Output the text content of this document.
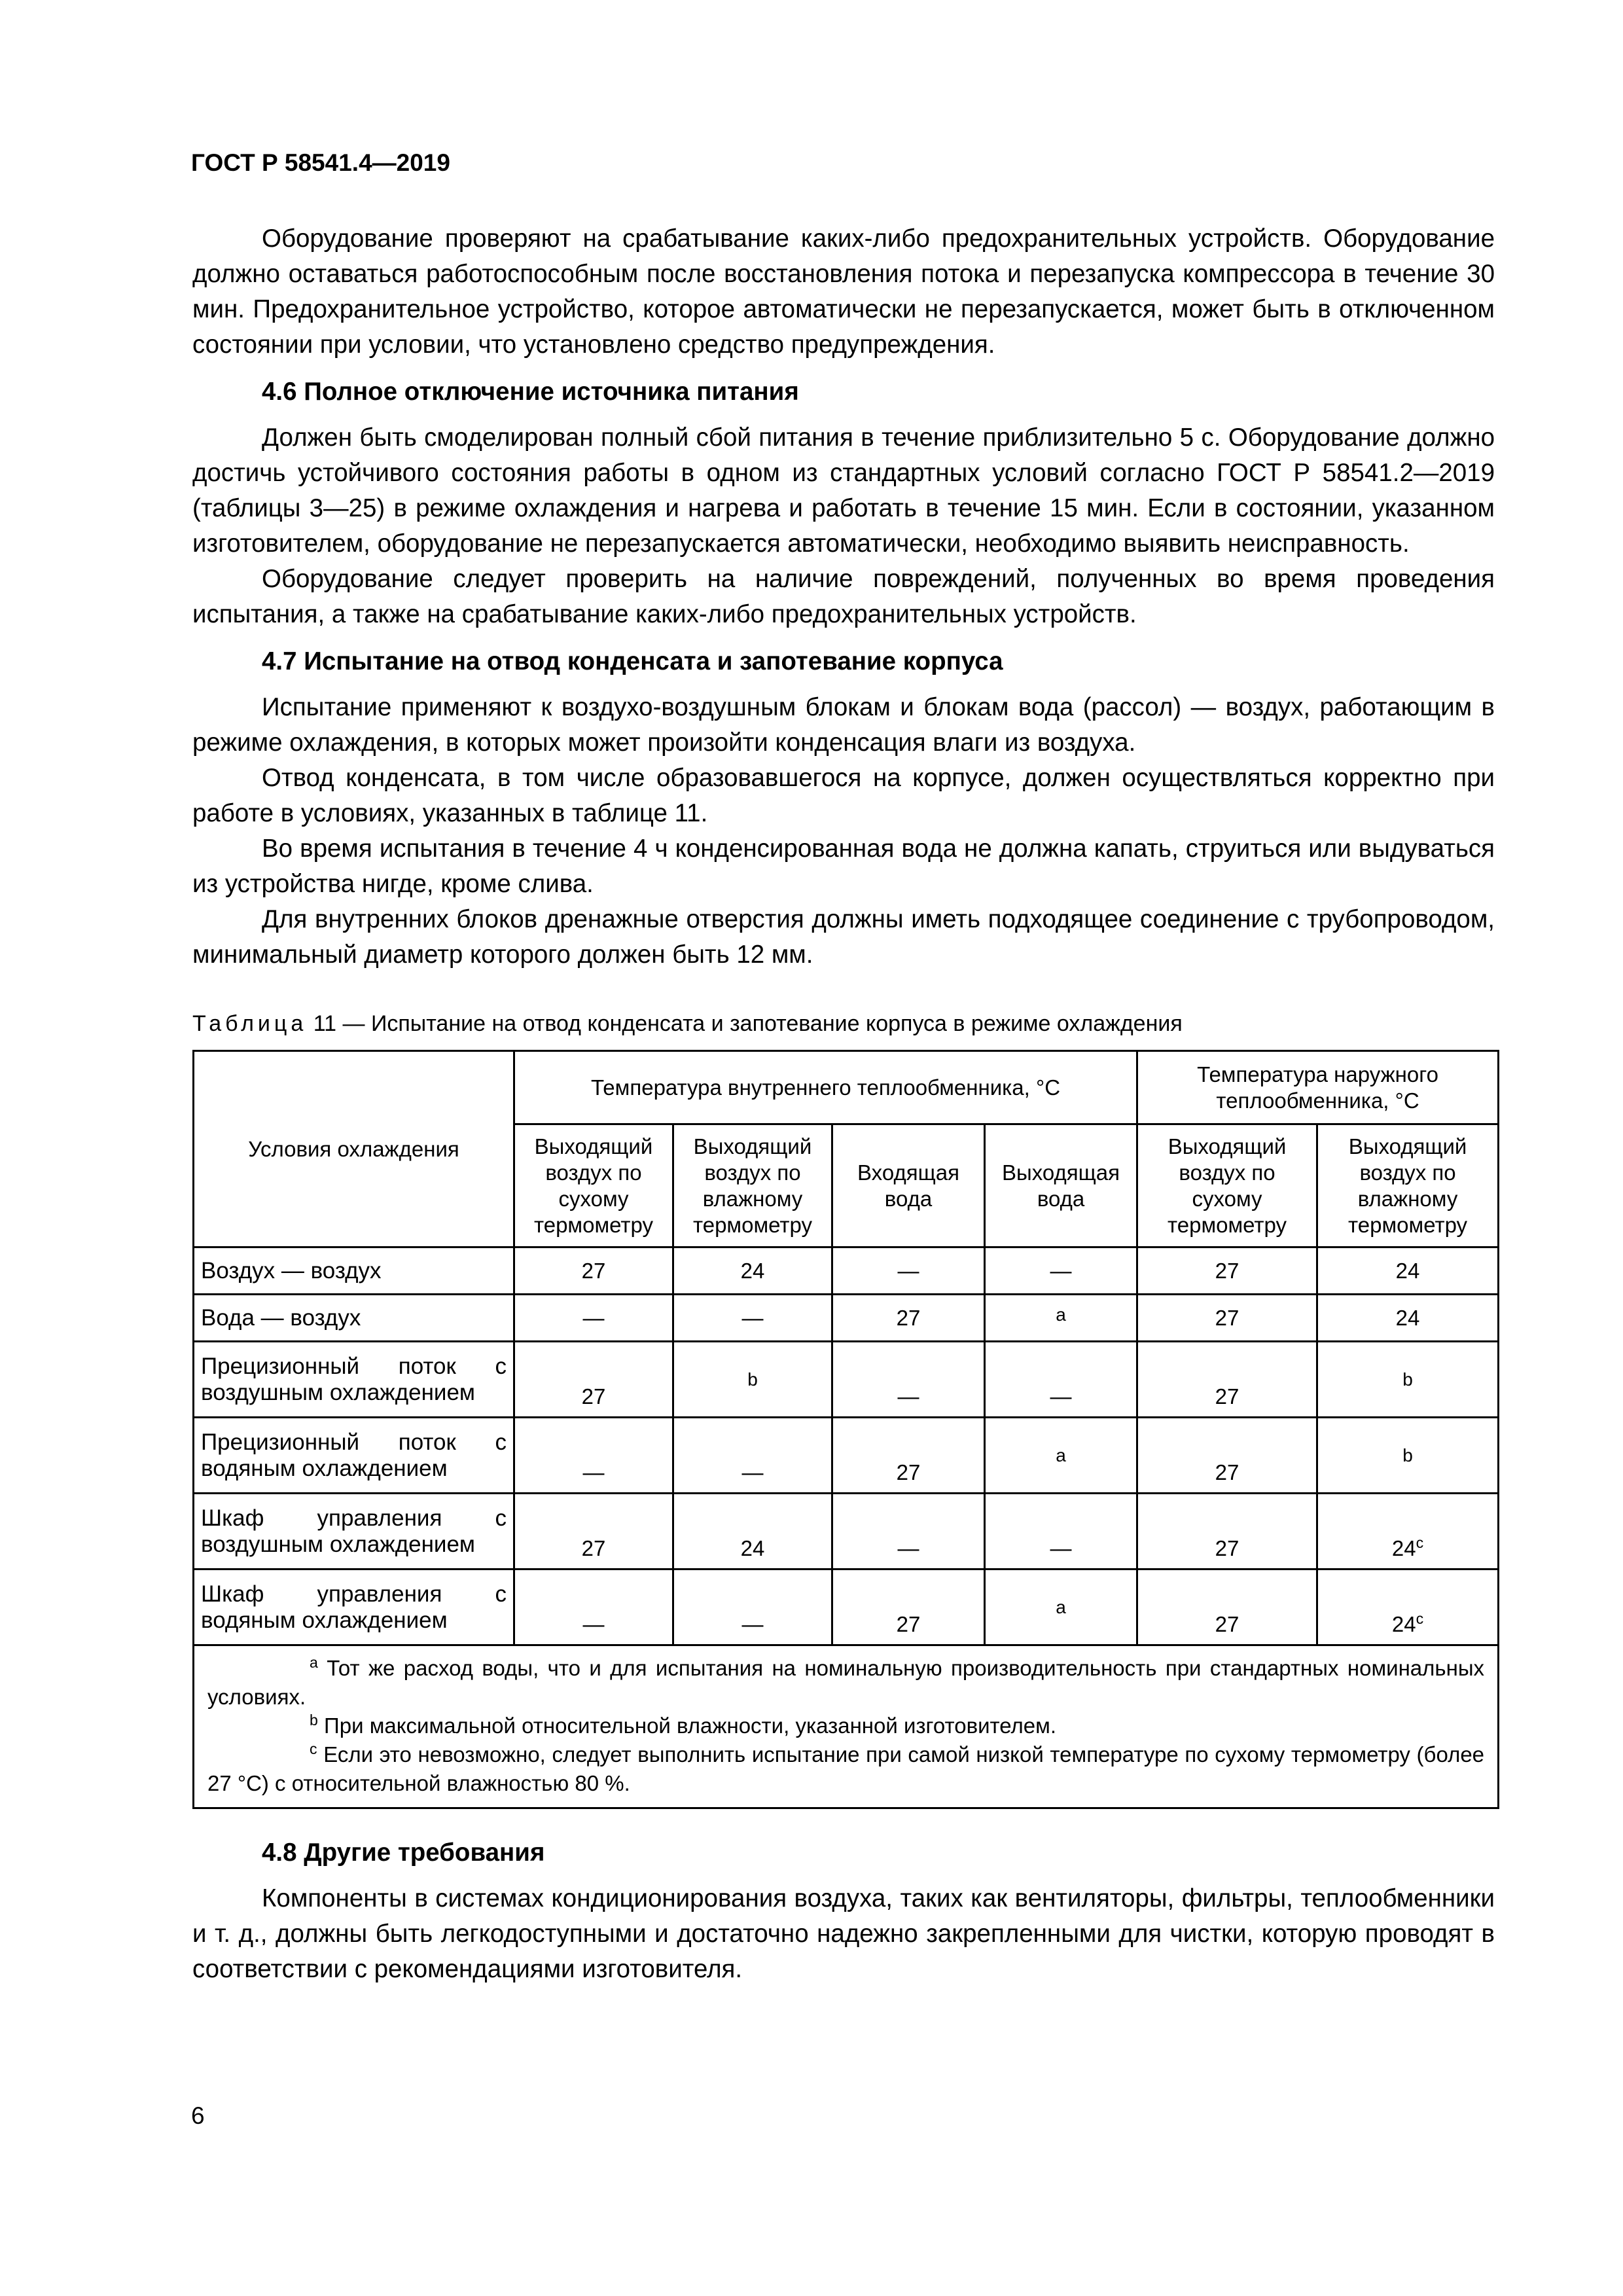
ГОСТ Р 58541.4—2019

Оборудование проверяют на срабатывание каких-либо предохранительных устройств. Оборудование должно оставаться работоспособным после восстановления потока и перезапуска компрессора в течение 30 мин. Предохранительное устройство, которое автоматически не перезапускается, может быть в отключенном состоянии при условии, что установлено средство предупреждения.

4.6 Полное отключение источника питания

Должен быть смоделирован полный сбой питания в течение приблизительно 5 с. Оборудование должно достичь устойчивого состояния работы в одном из стандартных условий согласно ГОСТ Р 58541.2—2019 (таблицы 3—25) в режиме охлаждения и нагрева и работать в течение 15 мин. Если в состоянии, указанном изготовителем, оборудование не перезапускается автоматически, необходимо выявить неисправность.

Оборудование следует проверить на наличие повреждений, полученных во время проведения испытания, а также на срабатывание каких-либо предохранительных устройств.

4.7 Испытание на отвод конденсата и запотевание корпуса

Испытание применяют к воздухо-воздушным блокам и блокам вода (рассол) — воздух, работающим в режиме охлаждения, в которых может произойти конденсация влаги из воздуха.

Отвод конденсата, в том числе образовавшегося на корпусе, должен осуществляться корректно при работе в условиях, указанных в таблице 11.

Во время испытания в течение 4 ч конденсированная вода не должна капать, струиться или выдуваться из устройства нигде, кроме слива.

Для внутренних блоков дренажные отверстия должны иметь подходящее соединение с трубопроводом, минимальный диаметр которого должен быть 12 мм.

Таблица 11 — Испытание на отвод конденсата и запотевание корпуса в режиме охлаждения
Условия охлаждения	Температура внутреннего теплообменника, °С				Температура наружного теплообменника, °С	
	Выходящий воздух по сухому термометру	Выходящий воздух по влажному термометру	Входящая вода	Выходящая вода	Выходящий воздух по сухому термометру	Выходящий воздух по влажному термометру
Воздух — воздух	27	24	—	—	27	24
Вода — воздух	—	—	27	a	27	24
Прецизионный поток с воздушным охлаждением	27	b	—	—	27	b
Прецизионный поток с водяным охлаждением	—	—	27	a	27	b
Шкаф управления с воздушным охлаждением	27	24	—	—	27	24$^c$
Шкаф управления с водяным охлаждением	—	—	27	a	27	24$^c$

$^a$ Тот же расход воды, что и для испытания на номинальную производительность при стандартных номинальных условиях.

$^b$ При максимальной относительной влажности, указанной изготовителем.

$^c$ Если это невозможно, следует выполнить испытание при самой низкой температуре по сухому термометру (более 27 °С) с относительной влажностью 80 %.						

4.8 Другие требования

Компоненты в системах кондиционирования воздуха, таких как вентиляторы, фильтры, теплообменники и т. д., должны быть легкодоступными и достаточно надежно закрепленными для чистки, которую проводят в соответствии с рекомендациями изготовителя.

6
